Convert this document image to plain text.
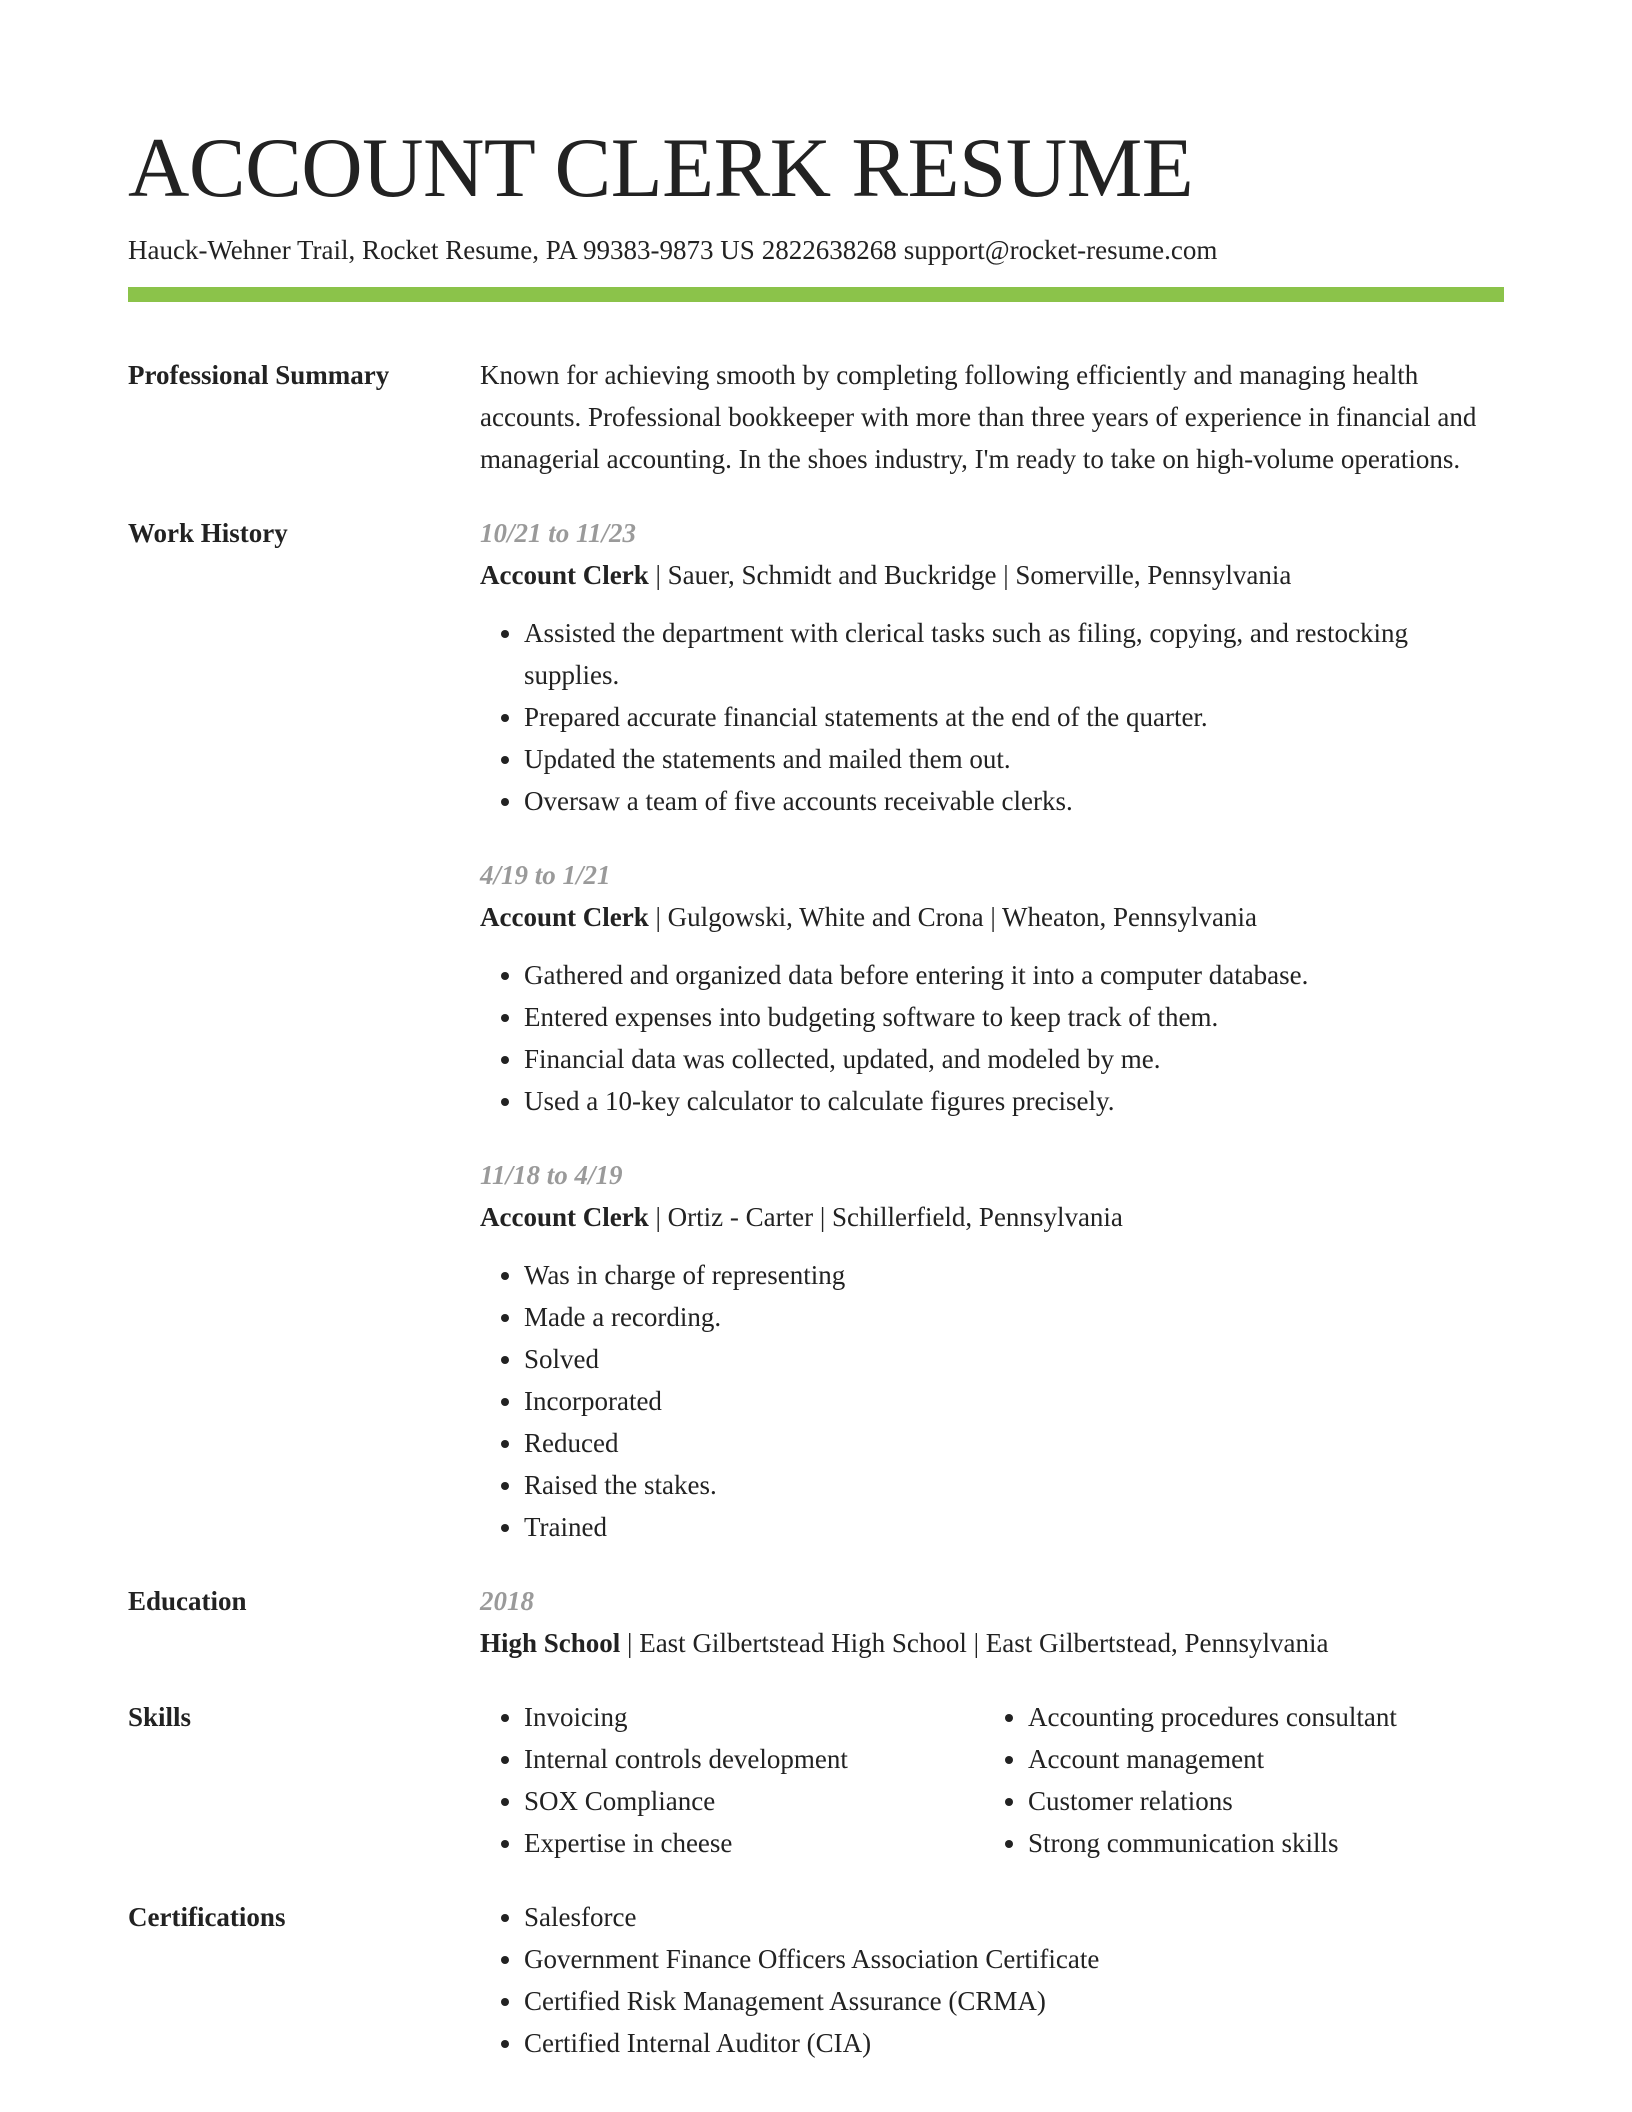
ACCOUNT CLERK RESUME
Hauck-Wehner Trail, Rocket Resume, PA 99383-9873 US 2822638268 support@rocket-resume.com
Professional Summary	Known for achieving smooth by completing following efficiently and managing health accounts. Professional bookkeeper with more than three years of experience in financial and managerial accounting. In the shoes industry, I'm ready to take on high-volume operations.
Work History	10/21 to 11/23
Account Clerk | Sauer, Schmidt and Buckridge | Somerville, Pennsylvania
• Assisted the department with clerical tasks such as filing, copying, and restocking supplies.
• Prepared accurate financial statements at the end of the quarter.
• Updated the statements and mailed them out.
• Oversaw a team of five accounts receivable clerks.
4/19 to 1/21
Account Clerk | Gulgowski, White and Crona | Wheaton, Pennsylvania
• Gathered and organized data before entering it into a computer database.
• Entered expenses into budgeting software to keep track of them.
• Financial data was collected, updated, and modeled by me.
• Used a 10-key calculator to calculate figures precisely.
11/18 to 4/19
Account Clerk | Ortiz - Carter | Schillerfield, Pennsylvania
• Was in charge of representing
• Made a recording.
• Solved
• Incorporated
• Reduced
• Raised the stakes.
• Trained
Education	2018
High School | East Gilbertstead High School | East Gilbertstead, Pennsylvania
Skills	• Invoicing
• Internal controls development
• SOX Compliance
• Expertise in cheese
• Accounting procedures consultant
• Account management
• Customer relations
• Strong communication skills
Certifications	• Salesforce
• Government Finance Officers Association Certificate
• Certified Risk Management Assurance (CRMA)
• Certified Internal Auditor (CIA)
